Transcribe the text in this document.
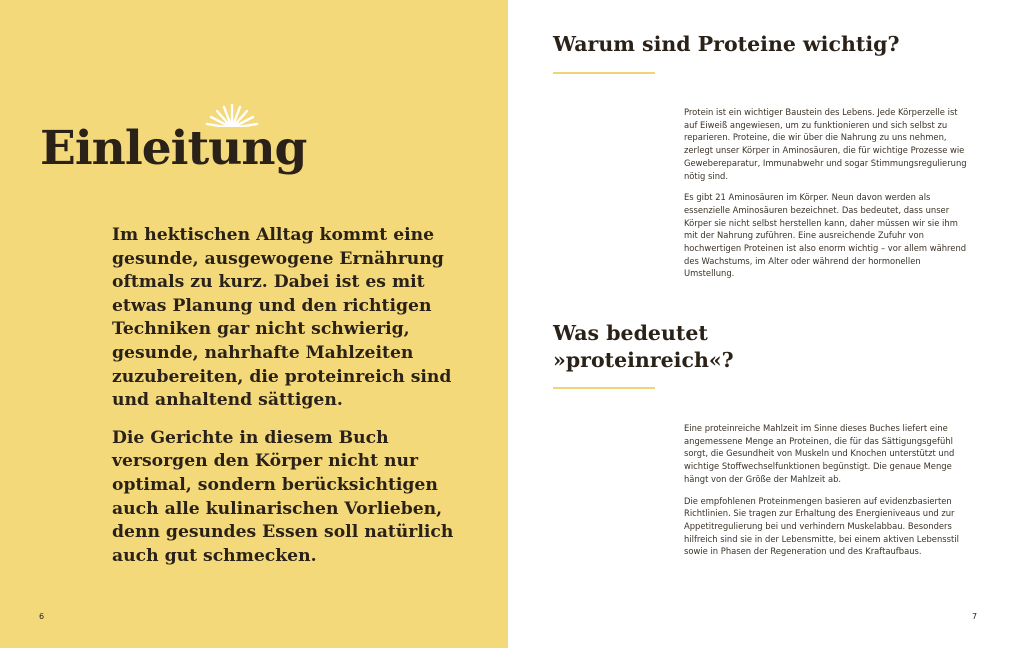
Einleitung

Im hektischen Alltag kommt eine gesunde, ausgewogene Ernährung oftmals zu kurz. Dabei ist es mit etwas Planung und den richtigen Techniken gar nicht schwierig, gesunde, nahrhafte Mahlzeiten zuzubereiten, die proteinreich sind und anhaltend sättigen.

Die Gerichte in diesem Buch versorgen den Körper nicht nur optimal, sondern berücksichtigen auch alle kulinarischen Vorlieben, denn gesundes Essen soll natürlich auch gut schmecken.

Warum sind Proteine wichtig?

Protein ist ein wichtiger Baustein des Lebens. Jede Körperzelle ist auf Eiweiß angewiesen, um zu funktionieren und sich selbst zu reparieren. Proteine, die wir über die Nahrung zu uns nehmen, zerlegt unser Körper in Aminosäuren, die für wichtige Prozesse wie Gewebereparatur, Immunabwehr und sogar Stimmungsregulierung nötig sind.

Es gibt 21 Aminosäuren im Körper. Neun davon werden als essenzielle Aminosäuren bezeichnet. Das bedeutet, dass unser Körper sie nicht selbst herstellen kann, daher müssen wir sie ihm mit der Nahrung zuführen. Eine ausreichende Zufuhr von hochwertigen Proteinen ist also enorm wichtig – vor allem während des Wachstums, im Alter oder während der hormonellen Umstellung.

Was bedeutet
»proteinreich«?

Eine proteinreiche Mahlzeit im Sinne dieses Buches liefert eine angemessene Menge an Proteinen, die für das Sättigungsgefühl sorgt, die Gesundheit von Muskeln und Knochen unterstützt und wichtige Stoffwechselfunktionen begünstigt. Die genaue Menge hängt von der Größe der Mahlzeit ab.

Die empfohlenen Proteinmengen basieren auf evidenzbasierten Richtlinien. Sie tragen zur Erhaltung des Energieniveaus und zur Appetitregulierung bei und verhindern Muskelabbau. Besonders hilfreich sind sie in der Lebensmitte, bei einem aktiven Lebensstil sowie in Phasen der Regeneration und des Kraftaufbaus.

6	7
